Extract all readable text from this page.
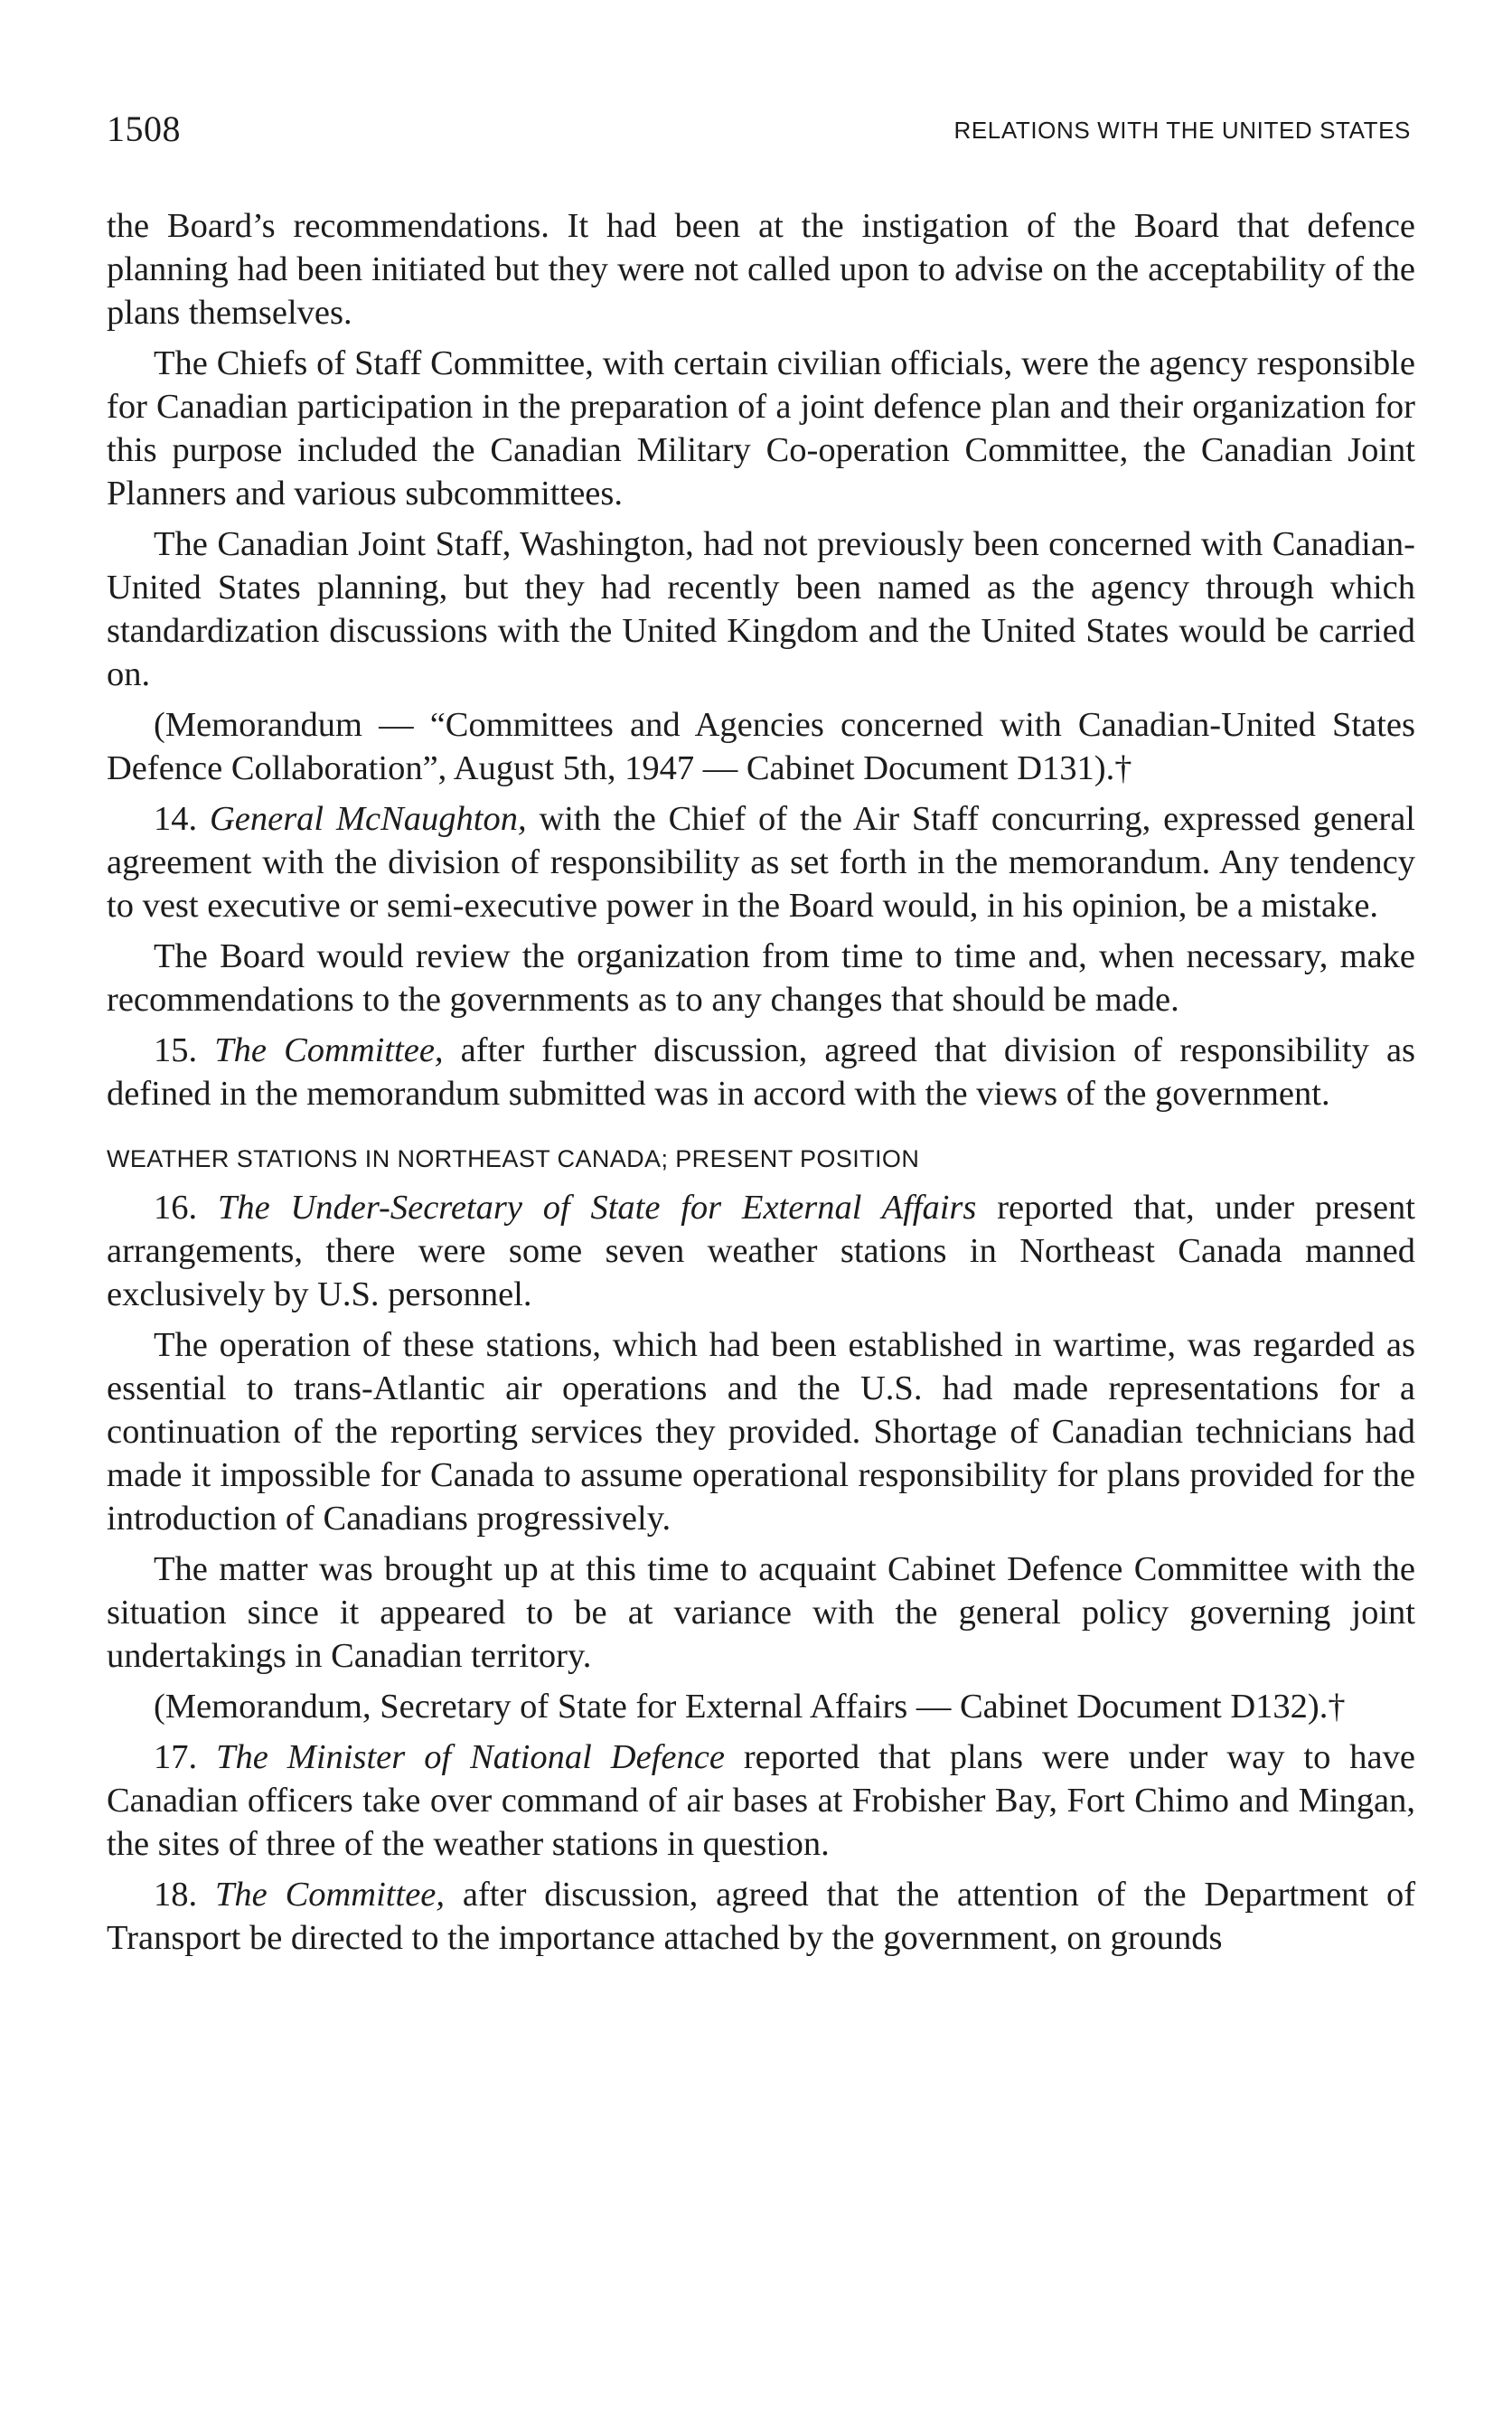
1508	RELATIONS WITH THE UNITED STATES

the Board’s recommendations. It had been at the instigation of the Board that defence planning had been initiated but they were not called upon to advise on the acceptability of the plans themselves.

The Chiefs of Staff Committee, with certain civilian officials, were the agency responsible for Canadian participation in the preparation of a joint defence plan and their organization for this purpose included the Canadian Military Co-operation Committee, the Canadian Joint Planners and various subcommittees.

The Canadian Joint Staff, Washington, had not previously been concerned with Canadian-United States planning, but they had recently been named as the agency through which standardization discussions with the United Kingdom and the United States would be carried on.

(Memorandum — “Committees and Agencies concerned with Canadian-United States Defence Collaboration”, August 5th, 1947 — Cabinet Document D131).†

14. General McNaughton, with the Chief of the Air Staff concurring, expressed general agreement with the division of responsibility as set forth in the memorandum. Any tendency to vest executive or semi-executive power in the Board would, in his opinion, be a mistake.

The Board would review the organization from time to time and, when necessary, make recommendations to the governments as to any changes that should be made.

15. The Committee, after further discussion, agreed that division of responsibility as defined in the memorandum submitted was in accord with the views of the government.

WEATHER STATIONS IN NORTHEAST CANADA; PRESENT POSITION

16. The Under-Secretary of State for External Affairs reported that, under present arrangements, there were some seven weather stations in Northeast Canada manned exclusively by U.S. personnel.

The operation of these stations, which had been established in wartime, was regarded as essential to trans-Atlantic air operations and the U.S. had made representations for a continuation of the reporting services they provided. Shortage of Canadian technicians had made it impossible for Canada to assume operational responsibility for plans provided for the introduction of Canadians progressively.

The matter was brought up at this time to acquaint Cabinet Defence Committee with the situation since it appeared to be at variance with the general policy governing joint undertakings in Canadian territory.

(Memorandum, Secretary of State for External Affairs — Cabinet Document D132).†

17. The Minister of National Defence reported that plans were under way to have Canadian officers take over command of air bases at Frobisher Bay, Fort Chimo and Mingan, the sites of three of the weather stations in question.

18. The Committee, after discussion, agreed that the attention of the Department of Transport be directed to the importance attached by the government, on grounds
